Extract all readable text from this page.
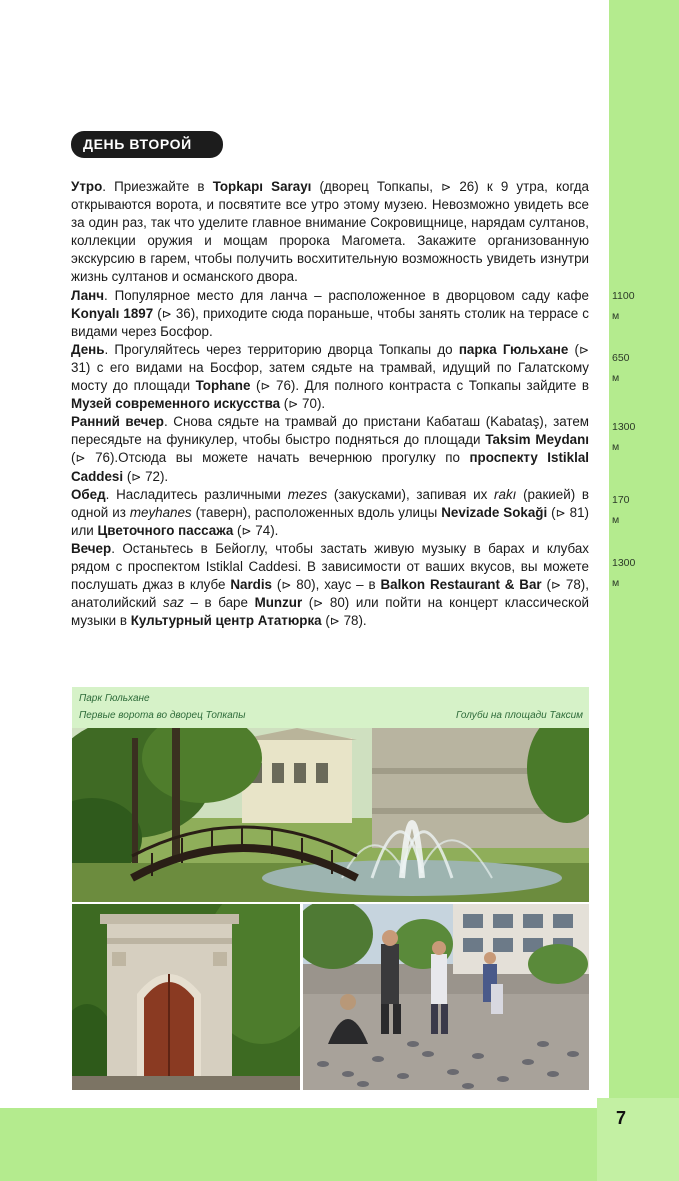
7
1100
м
650
м
1300
м
170
м
1300
м
ДЕНЬ ВТОРОЙ

Утро. Приезжайте в Topkapı Sarayı (дворец Топкапы, ⊳ 26) к 9 утра, когда открываются ворота, и посвятите все утро этому музею. Невозможно увидеть все за один раз, так что уделите главное внимание Сокровищнице, нарядам султанов, коллекции оружия и мощам пророка Магомета. Закажите организованную экскурсию в гарем, чтобы получить восхитительную возможность увидеть изнутри жизнь султанов и османского двора.

Ланч. Популярное место для ланча – расположенное в дворцовом саду кафе Konyalı 1897 (⊳ 36), приходите сюда пораньше, чтобы занять столик на террасе с видами через Босфор.

День. Прогуляйтесь через территорию дворца Топкапы до парка Гюльхане (⊳ 31) с его видами на Босфор, затем сядьте на трамвай, идущий по Галатскому мосту до площади Tophane (⊳ 76). Для полного контраста с Топкапы зайдите в Музей современного искусства (⊳ 70).

Ранний вечер. Снова сядьте на трамвай до пристани Кабаташ (Kabataş), затем пересядьте на фуникулер, чтобы быстро подняться до площади Taksim Meydanı (⊳ 76).Отсюда вы можете начать вечернюю прогулку по проспекту Istiklal Caddesi (⊳ 72).

Обед. Насладитесь различными mezes (закусками), запивая их rakı (ракией) в одной из meyhanes (таверн), расположенных вдоль улицы Nevizade Sokaği (⊳ 81) или Цветочного пассажа (⊳ 74).

Вечер. Останьтесь в Бейоглу, чтобы застать живую музыку в барах и клубах рядом с проспектом Istiklal Caddesi. В зависимости от ваших вкусов, вы можете послушать джаз в клубе Nardis (⊳ 80), хаус – в Balkon Restaurant & Bar (⊳ 78), анатолийский saz – в баре Munzur (⊳ 80) или пойти на концерт классической музыки в Культурный центр Ататюрка (⊳ 78).

Парк Гюльхане
Первые ворота во дворец Топкапы	Голуби на площади Таксим
